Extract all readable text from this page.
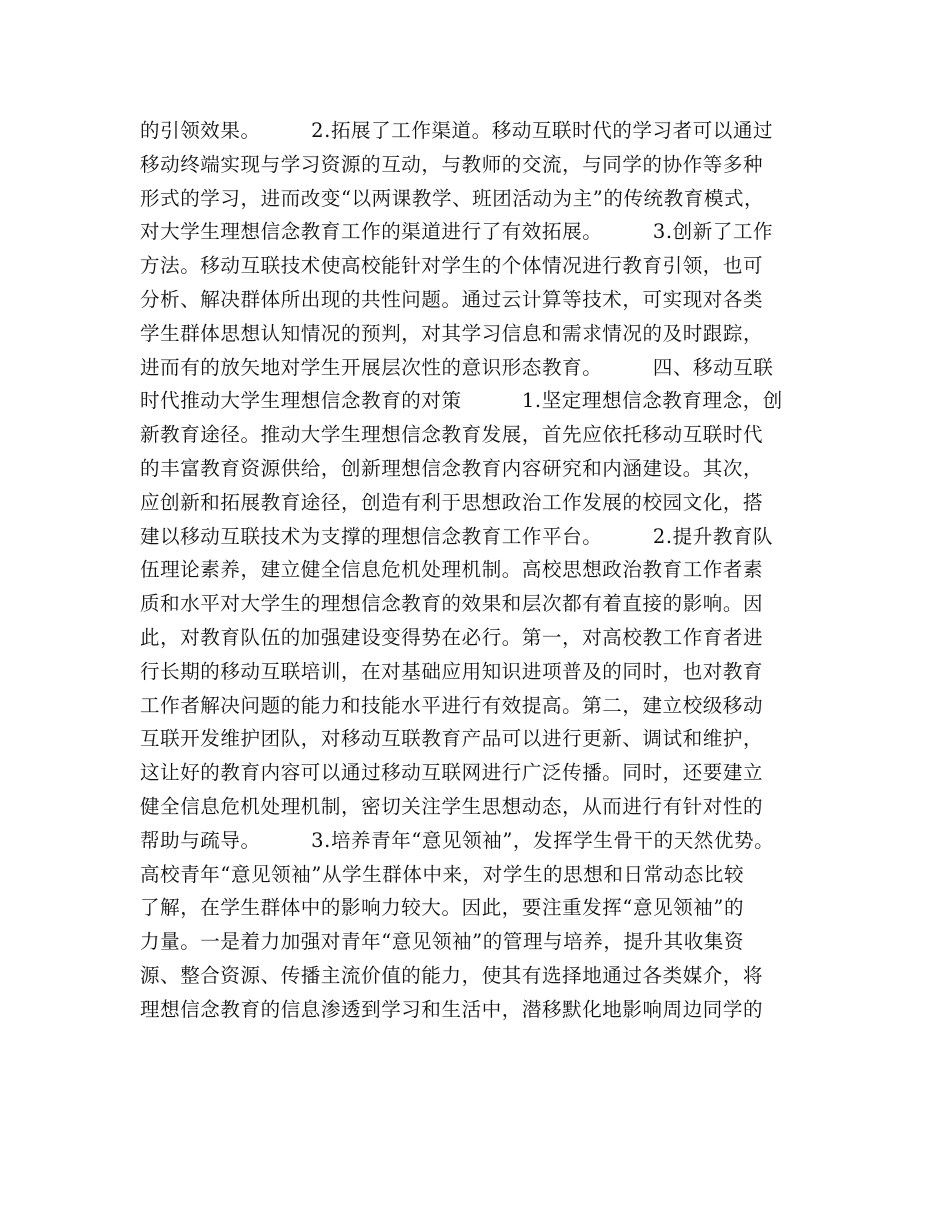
的引领效果。　　　2.拓展了工作渠道。移动互联时代的学习者可以通过
移动终端实现与学习资源的互动，与教师的交流，与同学的协作等多种
形式的学习，进而改变“以两课教学、班团活动为主”的传统教育模式，
对大学生理想信念教育工作的渠道进行了有效拓展。　　　3.创新了工作
方法。移动互联技术使高校能针对学生的个体情况进行教育引领，也可
分析、解决群体所出现的共性问题。通过云计算等技术，可实现对各类
学生群体思想认知情况的预判，对其学习信息和需求情况的及时跟踪，
进而有的放矢地对学生开展层次性的意识形态教育。　　　四、移动互联
时代推动大学生理想信念教育的对策　　　1.坚定理想信念教育理念，创
新教育途径。推动大学生理想信念教育发展，首先应依托移动互联时代
的丰富教育资源供给，创新理想信念教育内容研究和内涵建设。其次，
应创新和拓展教育途径，创造有利于思想政治工作发展的校园文化，搭
建以移动互联技术为支撑的理想信念教育工作平台。　　　2.提升教育队
伍理论素养，建立健全信息危机处理机制。高校思想政治教育工作者素
质和水平对大学生的理想信念教育的效果和层次都有着直接的影响。因
此，对教育队伍的加强建设变得势在必行。第一，对高校教工作育者进
行长期的移动互联培训，在对基础应用知识进项普及的同时，也对教育
工作者解决问题的能力和技能水平进行有效提高。第二，建立校级移动
互联开发维护团队，对移动互联教育产品可以进行更新、调试和维护，
这让好的教育内容可以通过移动互联网进行广泛传播。同时，还要建立
健全信息危机处理机制，密切关注学生思想动态，从而进行有针对性的
帮助与疏导。　　　3.培养青年“意见领袖”，发挥学生骨干的天然优势。
高校青年“意见领袖”从学生群体中来，对学生的思想和日常动态比较
了解，在学生群体中的影响力较大。因此，要注重发挥“意见领袖”的
力量。一是着力加强对青年“意见领袖”的管理与培养，提升其收集资
源、整合资源、传播主流价值的能力，使其有选择地通过各类媒介，将
理想信念教育的信息渗透到学习和生活中，潜移默化地影响周边同学的
